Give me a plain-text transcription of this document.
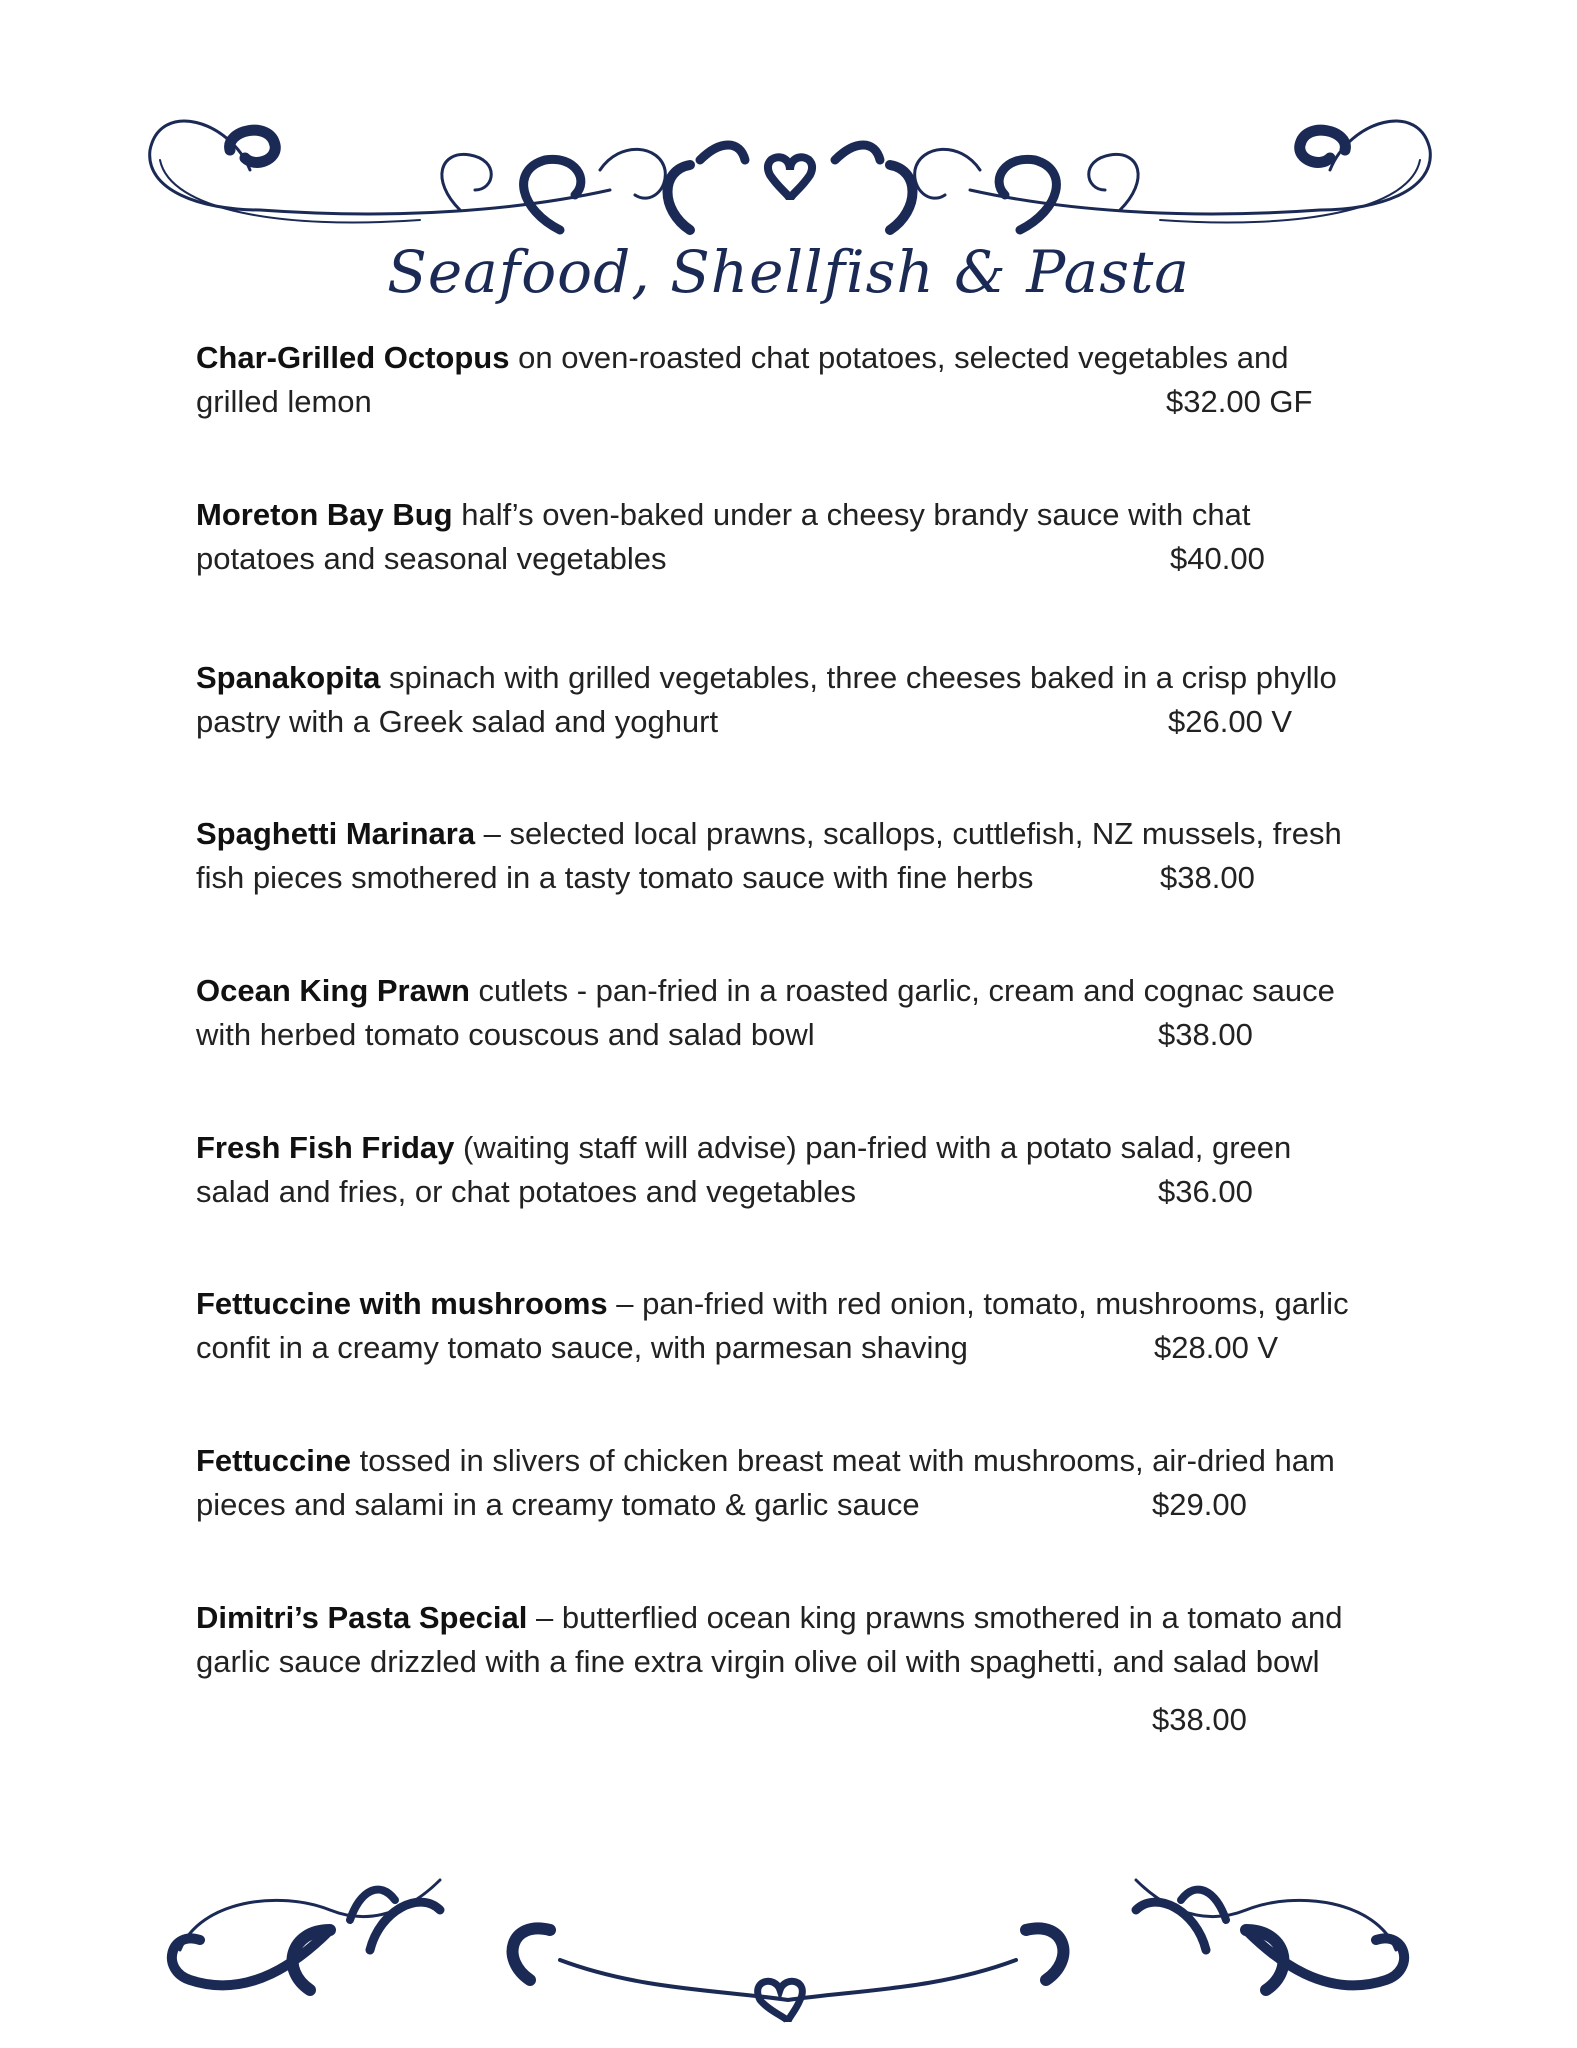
Seafood, Shellfish & Pasta
Char-Grilled Octopus on oven-roasted chat potatoes, selected vegetables and
grilled lemon	$32.00 GF
Moreton Bay Bug half’s oven-baked under a cheesy brandy sauce with chat
potatoes and seasonal vegetables	$40.00
Spanakopita spinach with grilled vegetables, three cheeses baked in a crisp phyllo
pastry with a Greek salad and yoghurt	$26.00 V
Spaghetti Marinara – selected local prawns, scallops, cuttlefish, NZ mussels, fresh
fish pieces smothered in a tasty tomato sauce with fine herbs	$38.00
Ocean King Prawn cutlets - pan-fried in a roasted garlic, cream and cognac sauce
with herbed tomato couscous and salad bowl	$38.00
Fresh Fish Friday (waiting staff will advise) pan-fried with a potato salad, green
salad and fries, or chat potatoes and vegetables	$36.00
Fettuccine with mushrooms – pan-fried with red onion, tomato, mushrooms, garlic
confit in a creamy tomato sauce, with parmesan shaving	$28.00 V
Fettuccine tossed in slivers of chicken breast meat with mushrooms, air-dried ham
pieces and salami in a creamy tomato & garlic sauce	$29.00
Dimitri’s Pasta Special – butterflied ocean king prawns smothered in a tomato and
garlic sauce drizzled with a fine extra virgin olive oil with spaghetti, and salad bowl
$38.00
